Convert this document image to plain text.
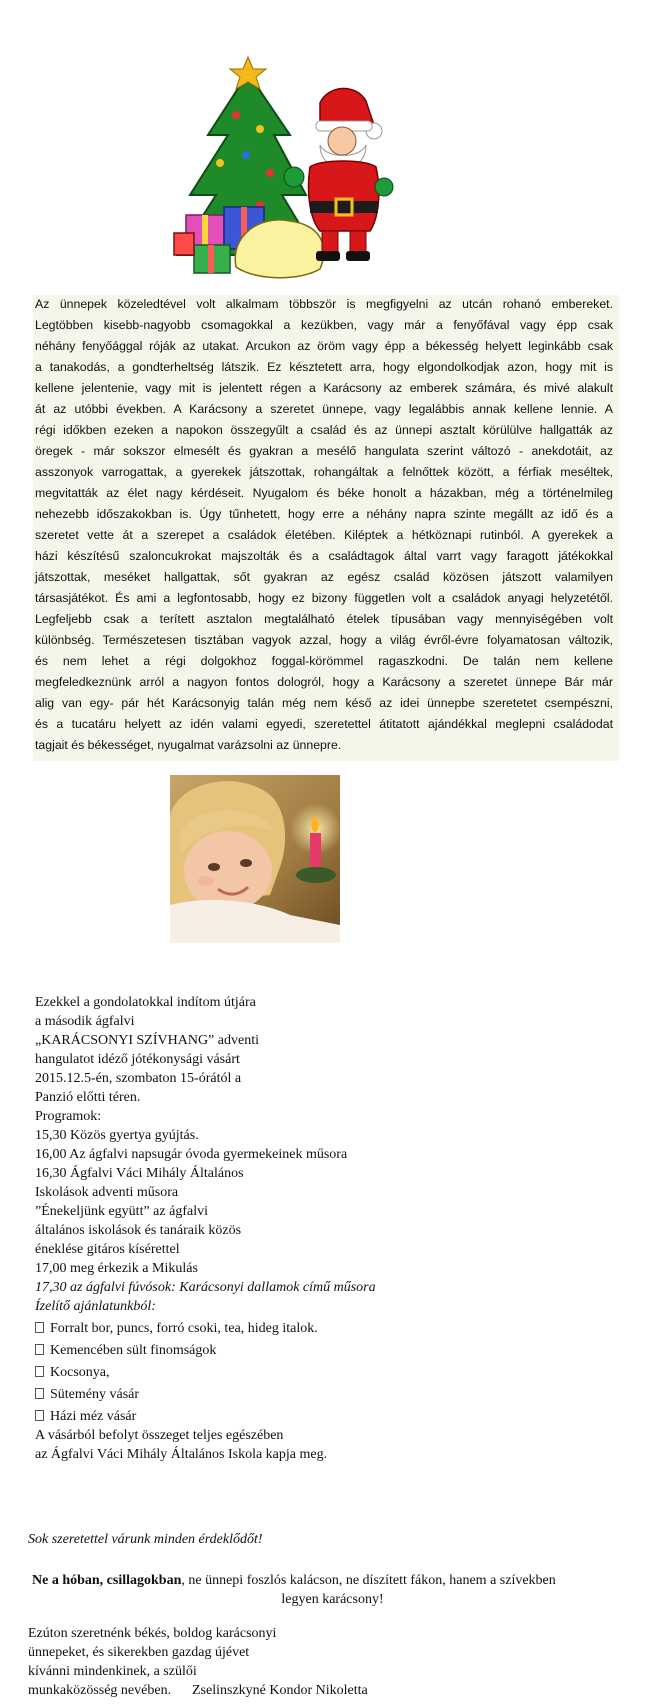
Az ünnepek közeledtével volt alkalmam többször is megfigyelni az utcán rohanó embereket.
Legtöbben kisebb-nagyobb csomagokkal a kezükben, vagy már a fenyőfával vagy épp csak
néhány fenyőággal róják az utakat. Arcukon az öröm vagy épp a békesség helyett leginkább csak
a tanakodás, a gondterheltség látszik. Ez késztetett arra, hogy elgondolkodjak azon, hogy mit is
kellene jelentenie, vagy mit is jelentett régen a Karácsony az emberek számára, és mivé alakult
át az utóbbi években. A Karácsony a szeretet ünnepe, vagy legalábbis annak kellene lennie. A
régi időkben ezeken a napokon összegyűlt a család és az ünnepi asztalt körülülve hallgatták az
öregek - már sokszor elmesélt és gyakran a mesélő hangulata szerint változó - anekdotáit, az
asszonyok varrogattak, a gyerekek játszottak, rohangáltak a felnőttek között, a férfiak meséltek,
megvitatták az élet nagy kérdéseit. Nyugalom és béke honolt a házakban, még a történelmileg
nehezebb időszakokban is. Úgy tűnhetett, hogy erre a néhány napra szinte megállt az idő és a
szeretet vette át a szerepet a családok életében. Kiléptek a hétköznapi rutinból. A gyerekek a
házi készítésű szaloncukrokat majszolták és a családtagok által varrt vagy faragott játékokkal
játszottak, meséket hallgattak, sőt gyakran az egész család közösen játszott valamilyen
társasjátékot. És ami a legfontosabb, hogy ez bizony független volt a családok anyagi helyzetétől.
Legfeljebb csak a terített asztalon megtalálható ételek típusában vagy mennyiségében volt
különbség. Természetesen tisztában vagyok azzal, hogy a világ évről-évre folyamatosan változik,
és nem lehet a régi dolgokhoz foggal-körömmel ragaszkodni. De talán nem kellene
megfeledkeznünk arról a nagyon fontos dologról, hogy a Karácsony a szeretet ünnepe Bár már
alig van egy- pár hét Karácsonyig talán még nem késő az idei ünnepbe szeretetet csempészni,
és a tucatáru helyett az idén valami egyedi, szeretettel átitatott ajándékkal meglepni családodat
tagjait és békességet, nyugalmat varázsolni az ünnepre.
Ezekkel a gondolatokkal indítom útjára
a második ágfalvi
„KARÁCSONYI SZÍVHANG” adventi
hangulatot idéző jótékonysági vásárt
2015.12.5-én, szombaton 15-órától a
Panzió előtti téren.
Programok:
15,30 Közös gyertya gyújtás.
16,00 Az ágfalvi napsugár óvoda gyermekeinek műsora
16,30 Ágfalvi Váci Mihály Általános
Iskolások adventi műsora
”Énekeljünk együtt” az ágfalvi
általános iskolások és tanáraik közös
éneklése gitáros kísérettel
17,00 meg érkezik a Mikulás
17,30 az ágfalvi fúvósok: Karácsonyi dallamok című műsora
Ízelítő ajánlatunkból:
Forralt bor, puncs, forró csoki, tea, hideg italok.
Kemencében sült finomságok
Kocsonya,
Sütemény vásár
Házi méz vásár
A vásárból befolyt összeget teljes egészében
az Ágfalvi Váci Mihály Általános Iskola kapja meg.
Sok szeretettel várunk minden érdeklődőt!
Ne a hóban, csillagokban, ne ünnepi foszlós kalácson, ne díszített fákon, hanem a szívekben
legyen karácsony!
Ezúton szeretnénk békés, boldog karácsonyi
ünnepeket, és sikerekben gazdag újévet
kívánni mindenkinek, a szülői
munkaközösség nevében. Zselinszkyné Kondor Nikoletta
